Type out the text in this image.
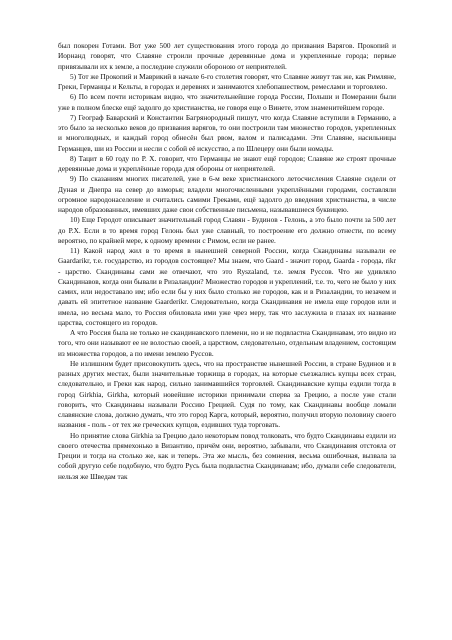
был покорен Готами. Вот уже 500 лет существования этого города до призвания Варягов. Прокопий и Иорнанд говорят, что Славяне строили прочные деревянные дома и укрепленные города; первые привязывали их к земле, а последние служили обороною от неприятелей.

5) Тот же Прокопий и Маврикий в начале 6-го столетия говорят, что Славяне живут так же, как Римляне, Греки, Германцы и Кельты, в городах и деревнях и занимаются хлебопашеством, ремеслами и торговлею.

6) По всем почти историкам видно, что значительнейшие города России, Польши и Померании были уже в полном блеске ещё задолго до христианства, не говоря еще о Винете, этом знаменитейшем городе.

7) Географ Баварский и Константин Багрянородный пишут, что когда Славяне вступили в Германию, а это было за несколько веков до призвания варягов, то они построили там множество городов, укрепленных и многолюдных, и каждый город обнесён был рвом, валом и палисадами. Эти Славяне, насильницы Германцев, ши из России и несли с собой её искусство, а по Шлецеру они были номады.

8) Тацит в 60 году по Р. Х. говорит, что Германцы не знают ещё городов; Славяне же строят прочные деревянные дома и укреплённые города для обороны от неприятелей.

9) По сказаниям многих писателей, уже в 6-м веке христианского летосчисления Славяне сидели от Дуная и Днепра на север до взморья; владели многочисленными укреплёнными городами, составляли огромное народонаселение и считались самими Греками, ещё задолго до введения христианства, в числе народов образованных, имевших даже свои собственные письмена, называвшиеся буквицею.

10) Еще Геродот описывает значительный город Славян - Будинов - Гелонь, а это было почти за 500 лет до Р.Х. Если в то время город Гелонь был уже славный, то построение его должно отнести, по всему вероятно, по крайней мере, к одному времени с Римом, если не ранее.

11) Какой народ жил в то время в нынешней северной России, когда Скандинавы называли ее Gaardarikr, т.е. государство, из городов состоящее? Мы знаем, что Gaard - значит город, Gaarda - города, rikr - царство. Скандинавы сами же отвечают, что это Ryszaland, т.е. земля Руссов. Что же удивляло Скандинавов, когда они бывали в Ризаландии? Множество городов и укреплений, т.е. то, чего не было у них самих, или недоставало им; ибо если бы у них было столько же городов, как и в Ризаландии, то незачем и давать ей эпитетное название Gaarderikr. Следовательно, когда Скандинавия не имела еще городов или и имела, но весьма мало, то Россия обиловала ими уже чрез меру, так что заслужила в глазах их название царства, состоящего из городов.

А что Россия была не только не скандинавского племени, но и не подвластна Скандинавам, это видно из того, что они называют ее не волостью своей, а царством, следовательно, отдельным владением, состоящим из множества городов, а по имени землею Руссов.

Не излишним будет присовокупить здесь, что на пространстве нынешней России, в стране Будинов и в разных других местах, были значительные торжища в городах, на которые съезжались купцы всех стран, следовательно, и Греки как народ, сильно занимавшийся торговлей. Скандинавские купцы ездили тогда в город Girkhia, Girkha, который новейшие историки принимали сперва за Грецию, а после уже стали говорить, что Скандинавы называли Россию Грецией. Судя по тому, как Скандинавы вообще ломали славянские слова, должно думать, что это город Карга, который, вероятно, получил вторую половину своего названия - поль - от тех же греческих купцов, ездивших туда торговать.

Но принятие слова Girkhia за Грецию дало некоторым повод толковать, что будто Скандинавы ездили из своего отечества прямехонько в Византию, причём они, вероятно, забывали, что Скандинавия отстояла от Греции и тогда на столько же, как и теперь. Эта же мысль, без сомнения, весьма ошибочная, вызвала за собой другую себе подобную, что будто Русь была подвластна Скандинавам; ибо, думали себе следователи, нельзя же Шведам так
